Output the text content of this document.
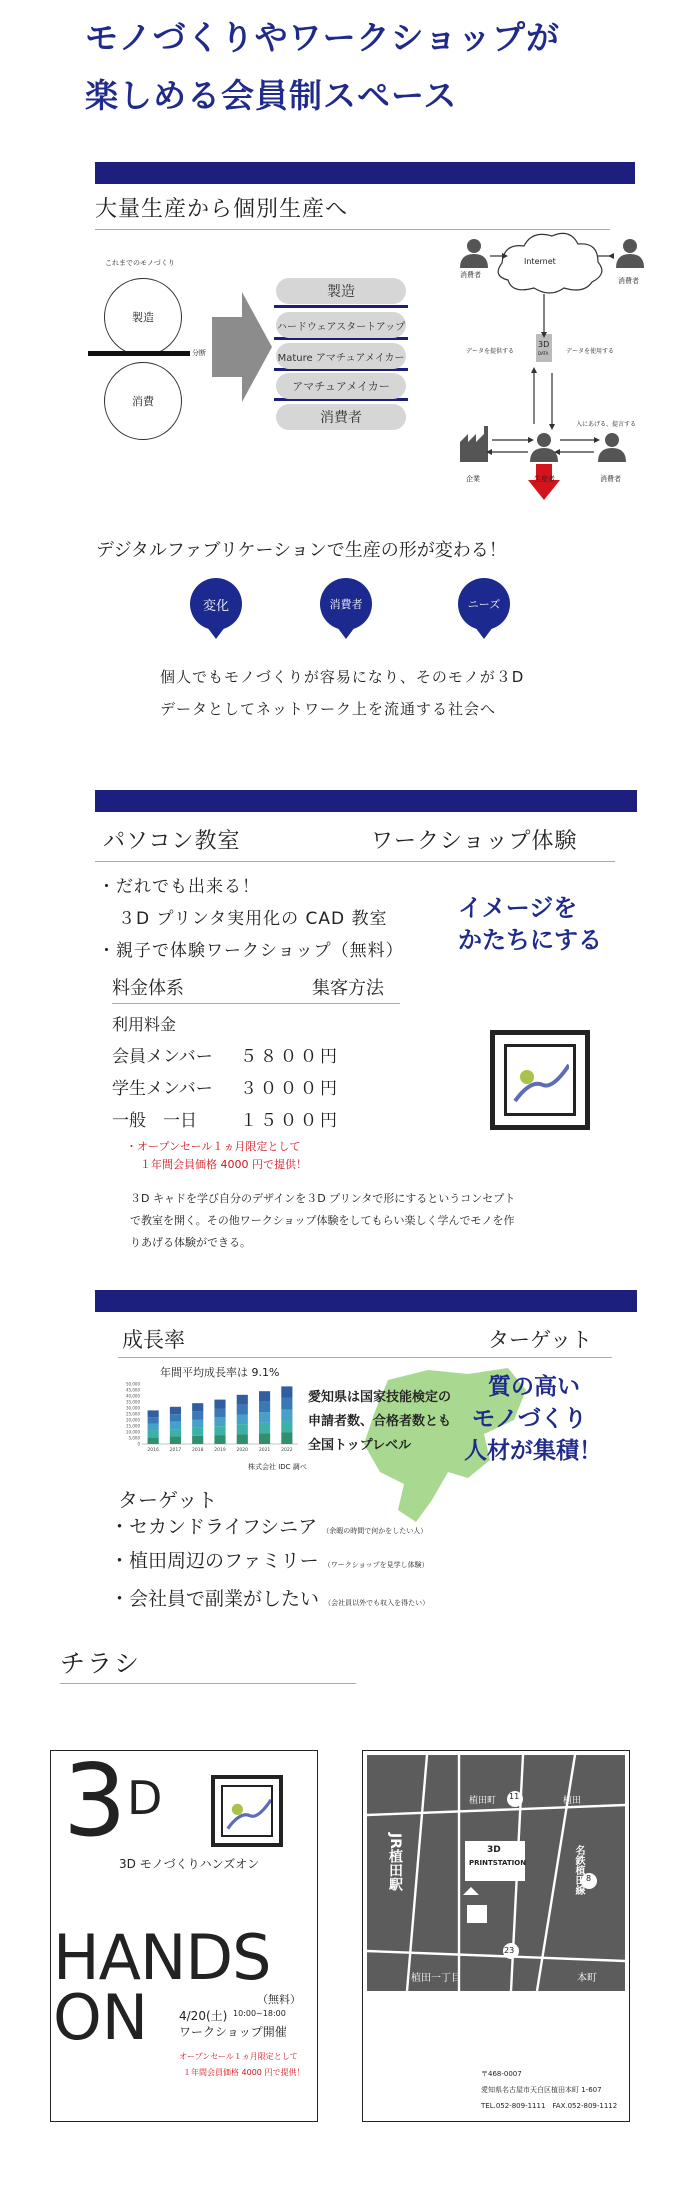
モノづくりやワークショップが
楽しめる会員制スペース
大量生産から個別生産へ
これまでのモノづくり
製造
分断
消費
製造
ハードウェアスタートアップ
Mature アマチュアメイカー
アマチュアメイカー
消費者
Internet
消費者
消費者
データを提供する	データを使用する
3D
DATA
入にあげる、提言する
企業	生産者	消費者
デジタルファブリケーションで生産の形が変わる！
変化	消費者	ニーズ
個人でもモノづくりが容易になり、そのモノが３D
データとしてネットワーク上を流通する社会へ
パソコン教室	ワークショップ体験
・だれでも出来る！
３D プリンタ実用化の CAD 教室
・親子で体験ワークショップ（無料）
イメージを
かたちにする
料金体系	集客方法
利用料金
会員メンバー ５８００円
学生メンバー ３０００円
一般　一日	１５００円
・オープンセール１ヵ月限定として
１年間会員価格 4000 円で提供！
３D キャドを学び自分のデザインを３D プリンタで形にするというコンセプト
で教室を開く。その他ワークショップ体験をしてもらい楽しく学んでモノを作
りあげる体験ができる。
成長率	ターゲット
年間平均成長率は 9.1%
0
5,000
10,000
15,000
20,000
25,000
30,000
35,000
40,000
45,000
50,000
2016 2017 2018 2019 2020 2021 2022
株式会社 IDC 調べ
愛知県は国家技能検定の
申請者数、合格者数とも
全国トップレベル
質の高い
モノづくり
人材が集積！
ターゲット
・セカンドライフシニア （余暇の時間で何かをしたい人）
・植田周辺のファミリー （ワークショップを見学し体験）
・会社員で副業がしたい （会社員以外でも収入を得たい）
チラシ
3 D
3D モノづくりハンズオン
HANDS
ON	（無料）
4/20(土) 10:00~18:00
ワークショップ開催
オープンセール１ヵ月限定として
１年間会員価格 4000 円で提供！
植田町	植田
11
JR植田駅	名鉄植田線 8
3D
PRINTSTATION
23
植田一丁目	本町
〒468-0007
愛知県名古屋市天白区植田本町 1-607
TEL.052-809-1111　FAX.052-809-1112
